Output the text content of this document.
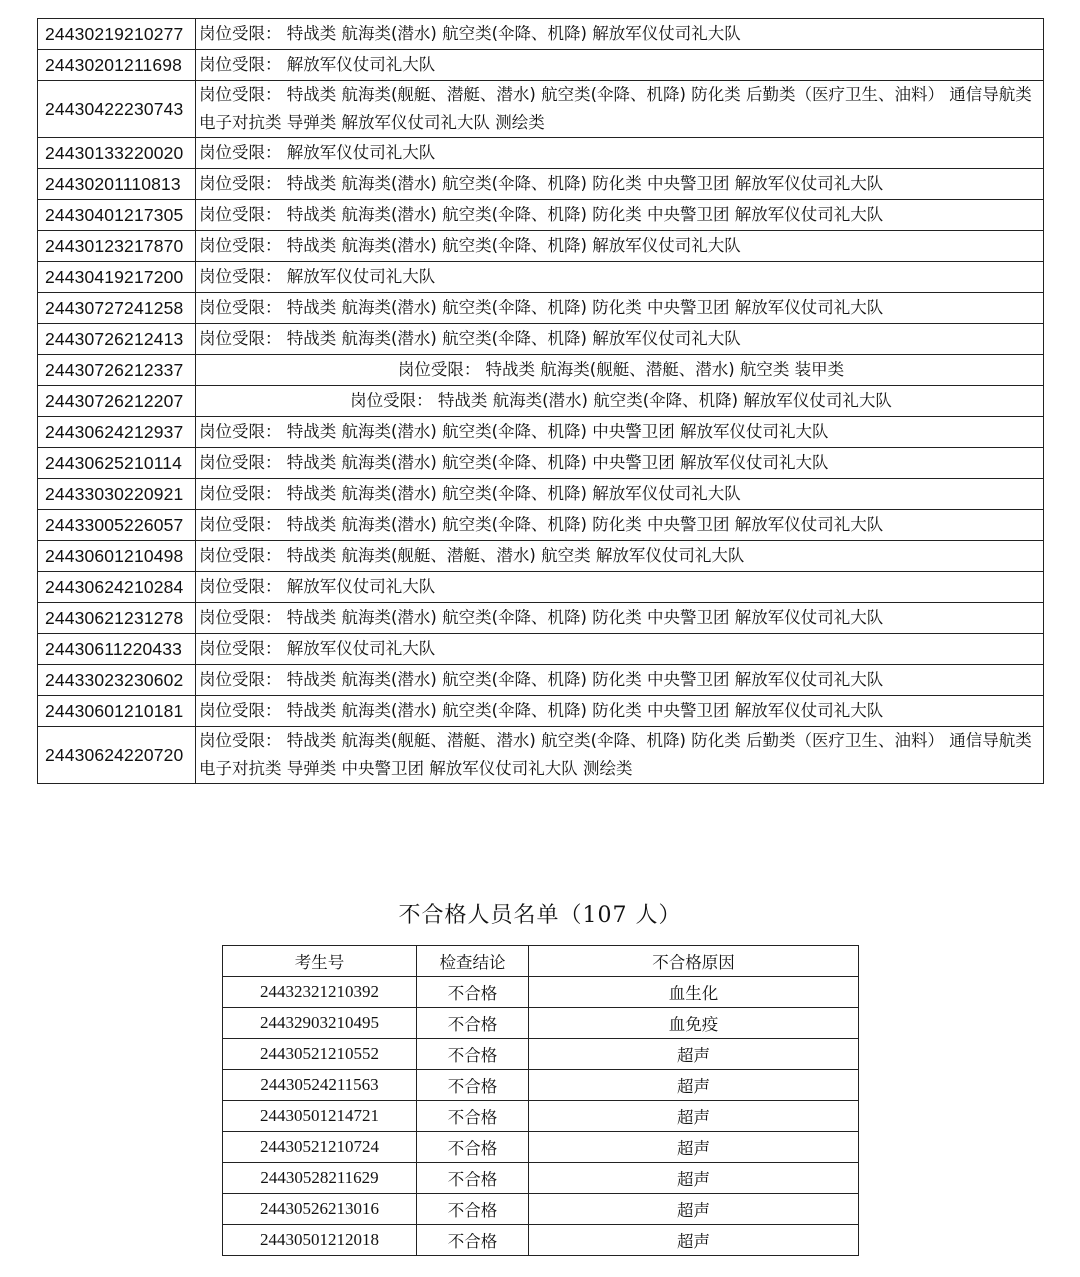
24430219210277	岗位受限： 特战类 航海类(潜水) 航空类(伞降、机降) 解放军仪仗司礼大队
24430201211698	岗位受限： 解放军仪仗司礼大队
24430422230743	岗位受限： 特战类 航海类(舰艇、潜艇、潜水) 航空类(伞降、机降) 防化类 后勤类（医疗卫生、油料） 通信导航类 电子对抗类 导弹类 解放军仪仗司礼大队 测绘类
24430133220020	岗位受限： 解放军仪仗司礼大队
24430201110813	岗位受限： 特战类 航海类(潜水) 航空类(伞降、机降) 防化类 中央警卫团 解放军仪仗司礼大队
24430401217305	岗位受限： 特战类 航海类(潜水) 航空类(伞降、机降) 防化类 中央警卫团 解放军仪仗司礼大队
24430123217870	岗位受限： 特战类 航海类(潜水) 航空类(伞降、机降) 解放军仪仗司礼大队
24430419217200	岗位受限： 解放军仪仗司礼大队
24430727241258	岗位受限： 特战类 航海类(潜水) 航空类(伞降、机降) 防化类 中央警卫团 解放军仪仗司礼大队
24430726212413	岗位受限： 特战类 航海类(潜水) 航空类(伞降、机降) 解放军仪仗司礼大队
24430726212337	岗位受限： 特战类 航海类(舰艇、潜艇、潜水) 航空类 装甲类
24430726212207	岗位受限： 特战类 航海类(潜水) 航空类(伞降、机降) 解放军仪仗司礼大队
24430624212937	岗位受限： 特战类 航海类(潜水) 航空类(伞降、机降) 中央警卫团 解放军仪仗司礼大队
24430625210114	岗位受限： 特战类 航海类(潜水) 航空类(伞降、机降) 中央警卫团 解放军仪仗司礼大队
24433030220921	岗位受限： 特战类 航海类(潜水) 航空类(伞降、机降) 解放军仪仗司礼大队
24433005226057	岗位受限： 特战类 航海类(潜水) 航空类(伞降、机降) 防化类 中央警卫团 解放军仪仗司礼大队
24430601210498	岗位受限： 特战类 航海类(舰艇、潜艇、潜水) 航空类 解放军仪仗司礼大队
24430624210284	岗位受限： 解放军仪仗司礼大队
24430621231278	岗位受限： 特战类 航海类(潜水) 航空类(伞降、机降) 防化类 中央警卫团 解放军仪仗司礼大队
24430611220433	岗位受限： 解放军仪仗司礼大队
24433023230602	岗位受限： 特战类 航海类(潜水) 航空类(伞降、机降) 防化类 中央警卫团 解放军仪仗司礼大队
24430601210181	岗位受限： 特战类 航海类(潜水) 航空类(伞降、机降) 防化类 中央警卫团 解放军仪仗司礼大队
24430624220720	岗位受限： 特战类 航海类(舰艇、潜艇、潜水) 航空类(伞降、机降) 防化类 后勤类（医疗卫生、油料） 通信导航类 电子对抗类 导弹类 中央警卫团 解放军仪仗司礼大队 测绘类
不合格人员名单（107 人）
考生号	检查结论	不合格原因
24432321210392	不合格	血生化
24432903210495	不合格	血免疫
24430521210552	不合格	超声
24430524211563	不合格	超声
24430501214721	不合格	超声
24430521210724	不合格	超声
24430528211629	不合格	超声
24430526213016	不合格	超声
24430501212018	不合格	超声
